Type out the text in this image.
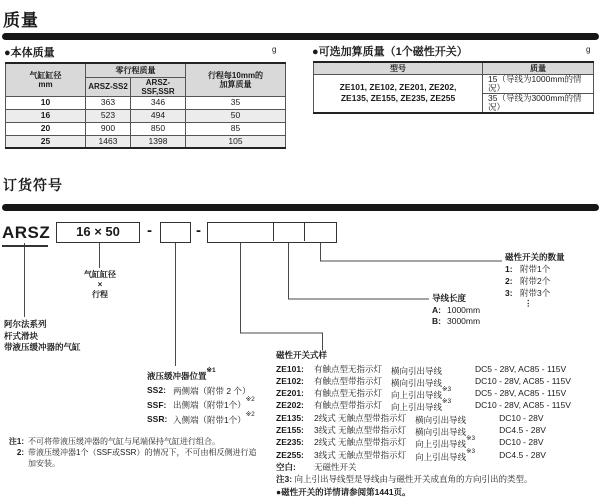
质量
●本体质量	g
气缸缸径
mm	零行程质量		行程每10mm的
加算质量
	ARSZ-SS2	ARSZ-SSF,SSR	
10	363	346	35
16	523	494	50
20	900	850	85
25	1463	1398	105
●可选加算质量（1个磁性开关）	g
型号	质量
ZE101, ZE102, ZE201, ZE202,
ZE135, ZE155, ZE235, ZE255	15（导线为1000mm的情况）
	35（导线为3000mm的情况）
订货符号
ARSZ	16 × 50	-	-
气缸缸径
×
行程
阿尔法系列
杆式滑块
带液压缓冲器的气缸
液压缓冲器位置$^{※1}$
SS2: 两侧端（附带 2 个）
SSF: 出侧端（附带1个）$^{※2}$
SSR: 入侧端（附带1个）$^{※2}$
磁性开关式样
ZE101:	有触点型无指示灯 横向引出导线	DC5 - 28V, AC85 - 115V
ZE102:	有触点型带指示灯 横向引出导线	DC10 - 28V, AC85 - 115V
ZE201:	有触点型无指示灯 向上引出导线$^{※3}$	DC5 - 28V, AC85 - 115V
ZE202:	有触点型带指示灯 向上引出导线$^{※3}$	DC10 - 28V, AC85 - 115V
ZE135:	2线式 无触点型带指示灯 横向引出导线	DC10 - 28V
ZE155:	3线式 无触点型带指示灯 横向引出导线	DC4.5 - 28V
ZE235:	2线式 无触点型带指示灯 向上引出导线$^{※3}$	DC10 - 28V
ZE255:	3线式 无触点型带指示灯 向上引出导线$^{※3}$	DC4.5 - 28V
空白:	无磁性开关
注3: 向上引出导线型是导线由与磁性开关成直角的方向引出的类型。
●磁性开关的详情请参阅第1441页。
导线长度
A: 1000mm
B: 3000mm
磁性开关的数量
1: 附带1个
2: 附带2个
3: 附带3个
⋮
注1: 不可将带液压缓冲器的气缸与尾端保持气缸进行组合。
2: 带液压缓冲器1个（SSF或SSR）的情况下，不可由相反侧进行追加安装。
